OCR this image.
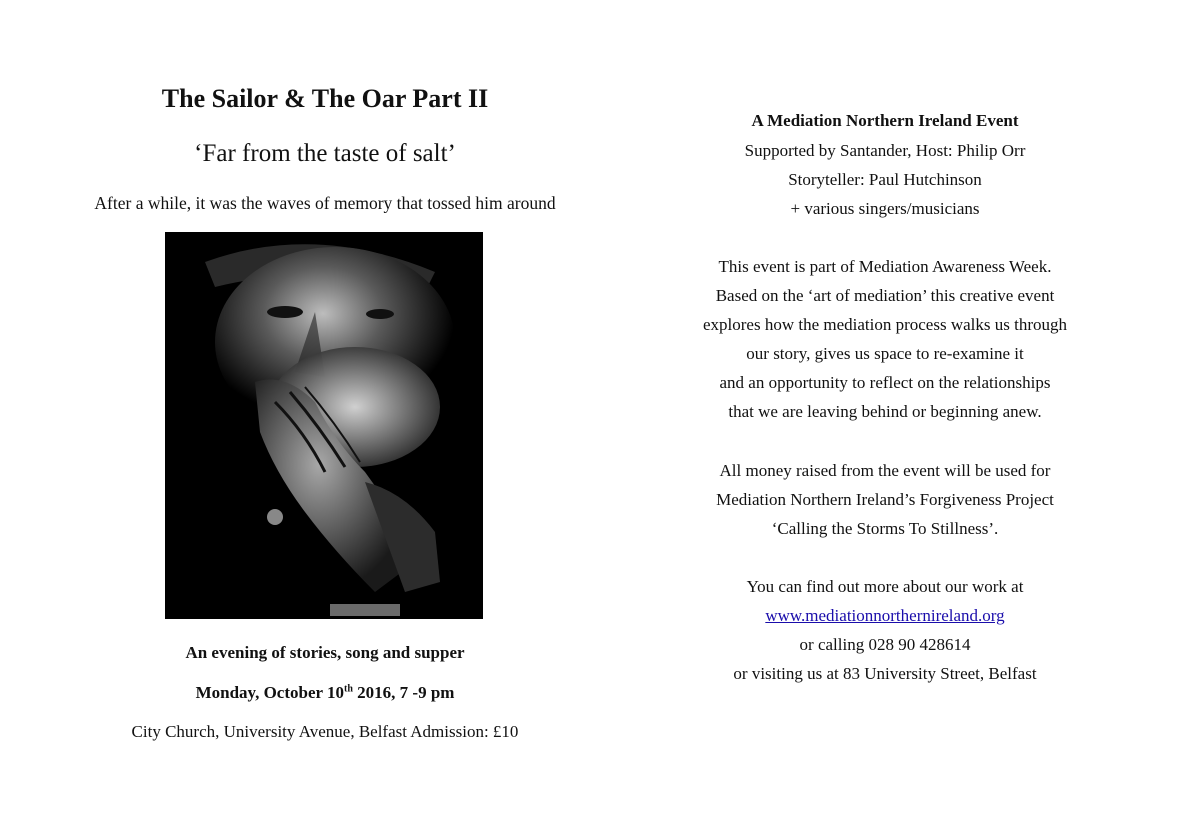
The Sailor & The Oar Part II

‘Far from the taste of salt’

After a while, it was the waves of memory that tossed him around

An evening of stories, song and supper

Monday, October 10th 2016, 7 -9 pm

City Church, University Avenue, Belfast Admission: £10

A Mediation Northern Ireland Event

Supported by Santander, Host: Philip Orr

Storyteller: Paul Hutchinson

+ various singers/musicians

This event is part of Mediation Awareness Week.

Based on the ‘art of mediation’ this creative event

explores how the mediation process walks us through

our story, gives us space to re-examine it

and an opportunity to reflect on the relationships

that we are leaving behind or beginning anew.

All money raised from the event will be used for

Mediation Northern Ireland’s Forgiveness Project

‘Calling the Storms To Stillness’.

You can find out more about our work at

www.mediationnorthernireland.org

or calling 028 90 428614

or visiting us at 83 University Street, Belfast
